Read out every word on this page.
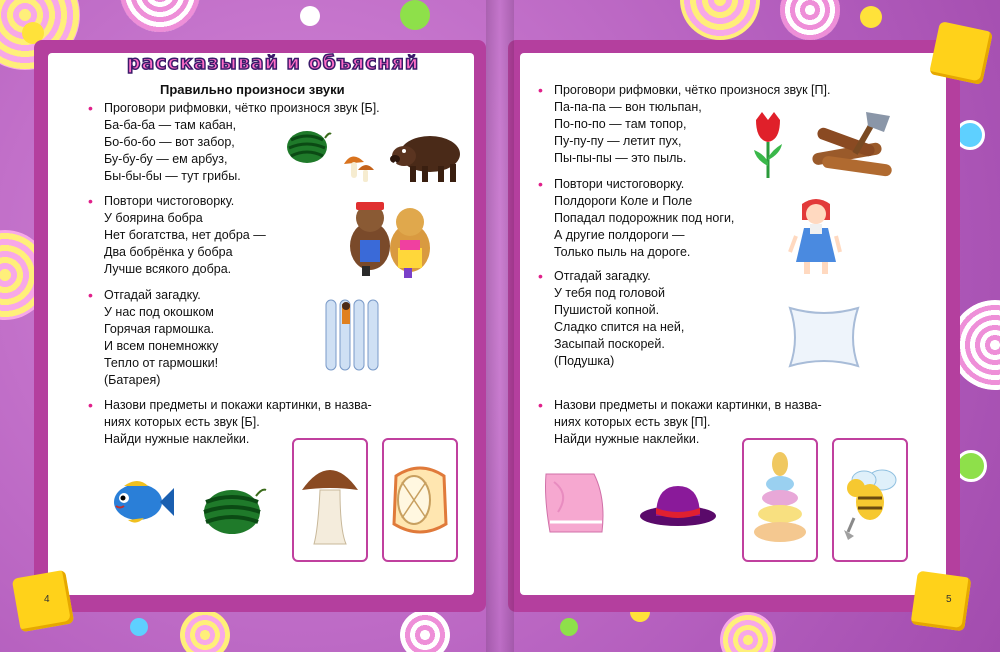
рассказывай и объясняй
Правильно произноси звуки
• Проговори рифмовки, чётко произнося звук [Б].
Ба-ба-ба — там кабан,
Бо-бо-бо — вот забор,
Бу-бу-бу — ем арбуз,
Бы-бы-бы — тут грибы.
• Повтори чистоговорку.
У боярина бобра
Нет богатства, нет добра —
Два бобрёнка у бобра
Лучше всякого добра.
• Отгадай загадку.
У нас под окошком
Горячая гармошка.
И всем понемножку
Тепло от гармошки!
(Батарея)
• Назови предметы и покажи картинки, в назва-
ниях которых есть звук [Б].
Найди нужные наклейки.
4
• Проговори рифмовки, чётко произнося звук [П].
Па-па-па — вон тюльпан,
По-по-по — там топор,
Пу-пу-пу — летит пух,
Пы-пы-пы — это пыль.
• Повтори чистоговорку.
Полдороги Коле и Поле
Попадал подорожник под ноги,
А другие полдороги —
Только пыль на дороге.
• Отгадай загадку.
У тебя под головой
Пушистой копной.
Сладко спится на ней,
Засыпай поскорей.
(Подушка)
• Назови предметы и покажи картинки, в назва-
ниях которых есть звук [П].
Найди нужные наклейки.
5
